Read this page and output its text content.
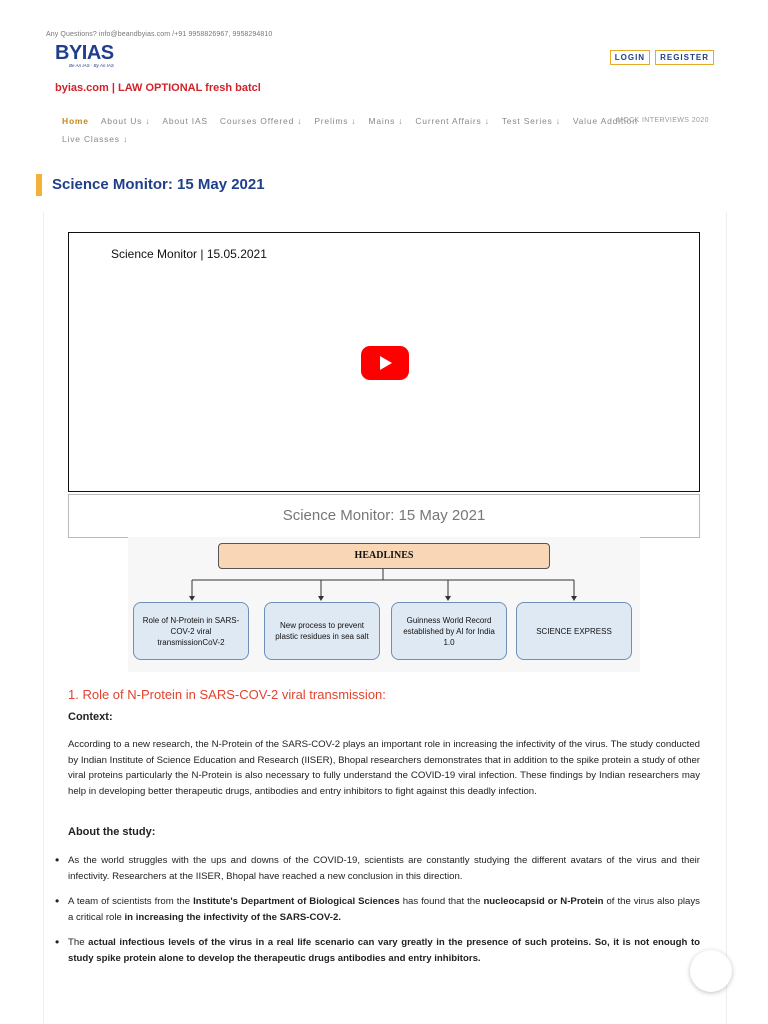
Any Questions? info@beandbyias.com /+91 9958826967, 9958294810
BYIAS
Be An IAS · By An IAS
LOGIN	REGISTER
byias.com | LAW OPTIONAL fresh batcl
Home About Us ↓ About IAS Courses Offered ↓ Prelims ↓ Mains ↓ Current Affairs ↓ Test Series ↓ Value Addition
MOCK INTERVIEWS 2020
Live Classes ↓
Science Monitor: 15 May 2021
Science Monitor | 15.05.2021
Science Monitor: 15 May 2021
HEADLINES
Role of N-Protein in SARS-COV-2 viral transmissionCoV-2
New process to prevent plastic residues in sea salt
Guinness World Record established by AI for India 1.0
SCIENCE EXPRESS
1. Role of N-Protein in SARS-COV-2 viral transmission:
Context:
According to a new research, the N-Protein of the SARS-COV-2 plays an important role in increasing the infectivity of the virus. The study conducted by Indian Institute of Science Education and Research (IISER), Bhopal researchers demonstrates that in addition to the spike protein a study of other viral proteins particularly the N-Protein is also necessary to fully understand the COVID-19 viral infection. These findings by Indian researchers may help in developing better therapeutic drugs, antibodies and entry inhibitors to fight against this deadly infection.
About the study:
• As the world struggles with the ups and downs of the COVID-19, scientists are constantly studying the different avatars of the virus and their infectivity. Researchers at the IISER, Bhopal have reached a new conclusion in this direction.
• A team of scientists from the Institute's Department of Biological Sciences has found that the nucleocapsid or N-Protein of the virus also plays a critical role in increasing the infectivity of the SARS-COV-2.
• The actual infectious levels of the virus in a real life scenario can vary greatly in the presence of such proteins. So, it is not enough to study spike protein alone to develop the therapeutic drugs antibodies and entry inhibitors.
